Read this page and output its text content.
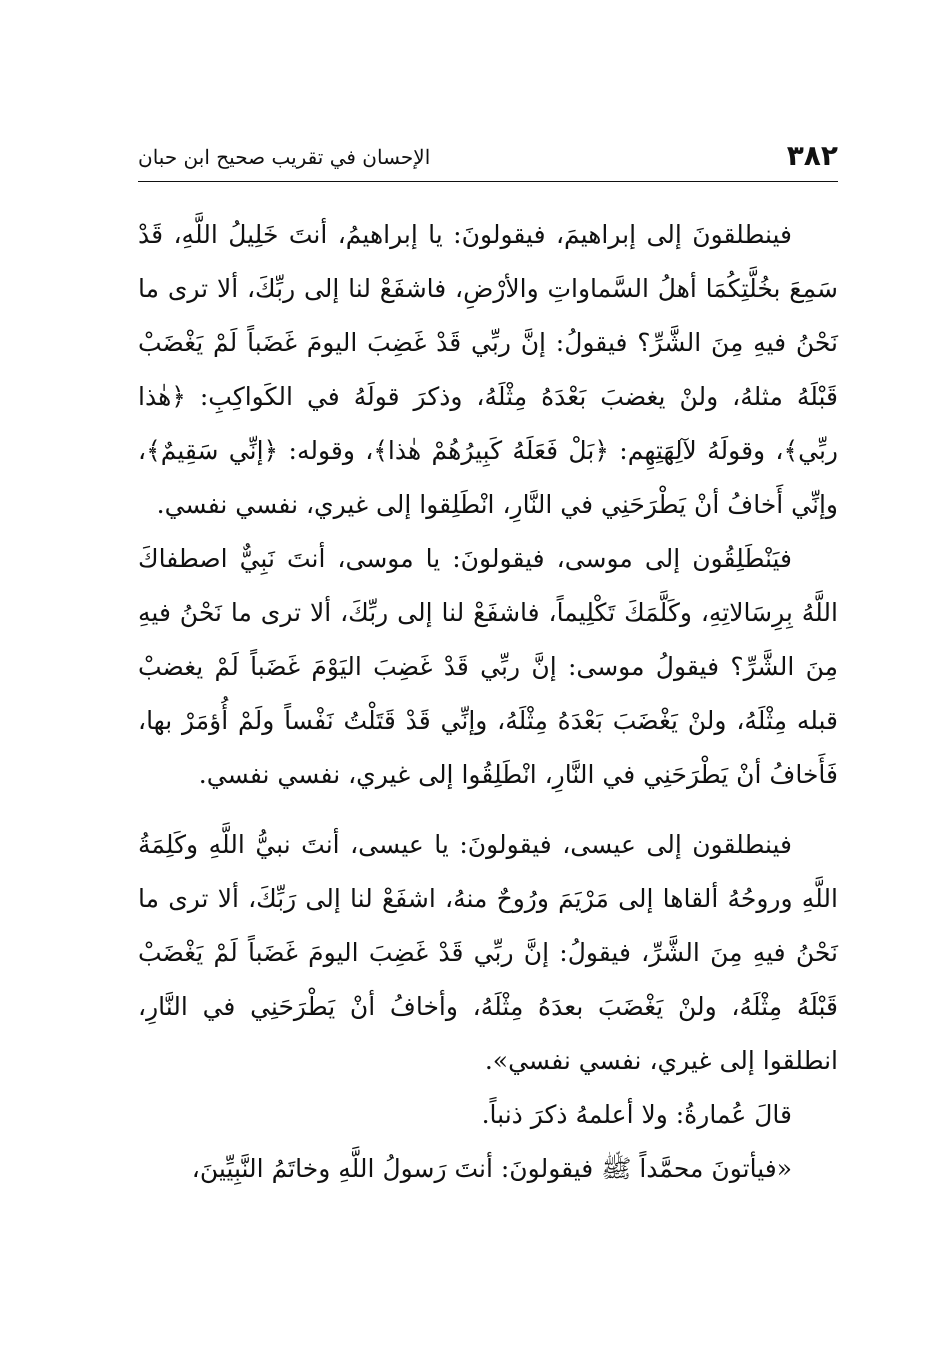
٣٨٢
الإحسان في تقريب صحيح ابن حبان

فينطلقونَ إلى إبراهيمَ، فيقولونَ: يا إبراهيمُ، أنتَ خَلِيلُ اللَّهِ، قَدْ سَمِعَ بخُلَّتِكُمَا أهلُ السَّماواتِ والأرْضِ، فاشفَعْ لنا إلى ربِّكَ، ألا ترى ما نَحْنُ فيهِ مِنَ الشَّرِّ؟ فيقولُ: إنَّ ربِّي قَدْ غَضِبَ اليومَ غَضَباً لَمْ يَغْضَبْ قَبْلَهُ مثلهُ، ولنْ يغضبَ بَعْدَهُ مِثْلَهُ، وذكرَ قولَهُ في الكَواكِبِ: ﴿هٰذا ربِّي﴾، وقولَهُ لآلِهَتِهِم: ﴿بَلْ فَعَلَهُ كَبِيرُهُمْ هٰذا﴾، وقوله: ﴿إنِّي سَقِيمٌ﴾، وإنِّي أَخافُ أنْ يَطْرَحَنِي في النَّارِ، انْطَلِقوا إلى غيري، نفسي نفسي.

فيَنْطَلِقُون إلى موسى، فيقولونَ: يا موسى، أنتَ نَبِيٌّ اصطفاكَ اللَّهُ بِرِسَالاتِهِ، وكَلَّمَكَ تَكْلِيماً، فاشفَعْ لنا إلى ربِّكَ، ألا ترى ما نَحْنُ فيهِ مِنَ الشَّرِّ؟ فيقولُ موسى: إنَّ ربِّي قَدْ غَضِبَ اليَوْمَ غَضَباً لَمْ يغضبْ قبله مِثْلَهُ، ولنْ يَغْضَبَ بَعْدَهُ مِثْلَهُ، وإنِّي قَدْ قَتَلْتُ نَفْساً ولَمْ أُؤمَرْ بها، فَأَخافُ أنْ يَطْرَحَنِي في النَّارِ، انْطَلِقُوا إلى غيري، نفسي نفسي.

فينطلقون إلى عيسى، فيقولونَ: يا عيسى، أنتَ نبيُّ اللَّهِ وكَلِمَةُ اللَّهِ وروحُهُ ألقاها إلى مَرْيَمَ ورُوحٌ منهُ، اشفَعْ لنا إلى رَبِّكَ، ألا ترى ما نَحْنُ فيهِ مِنَ الشَّرِّ، فيقولُ: إنَّ ربِّي قَدْ غَضِبَ اليومَ غَضَباً لَمْ يَغْضَبْ قَبْلَهُ مِثْلَهُ، ولنْ يَغْضَبَ بعدَهُ مِثْلَهُ، وأخافُ أنْ يَطْرَحَنِي في النَّارِ، انطلقوا إلى غيري، نفسي نفسي».

قالَ عُمارةُ: ولا أعلمهُ ذكرَ ذنباً.

«فيأتونَ محمَّداً ﷺ فيقولونَ: أنتَ رَسولُ اللَّهِ وخاتَمُ النَّبِيِّينَ،
